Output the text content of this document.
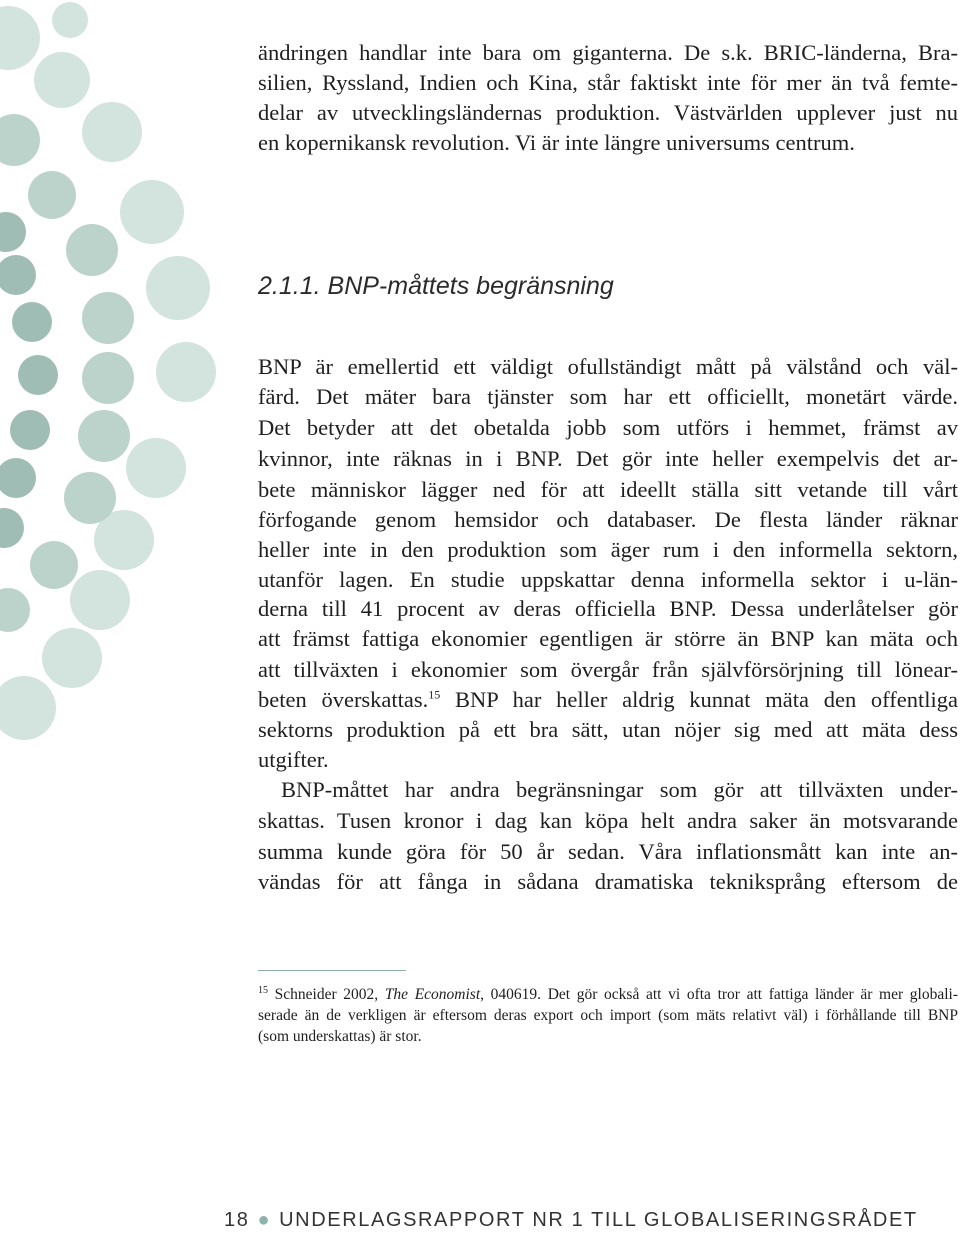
ändringen handlar inte bara om giganterna. De s.k. BRIC-länderna, Bra-

silien, Ryssland, Indien och Kina, står faktiskt inte för mer än två femte-

delar av utvecklingsländernas produktion. Västvärlden upplever just nu

en kopernikansk revolution. Vi är inte längre universums centrum.

2.1.1. BNP-måttets begränsning

BNP är emellertid ett väldigt ofullständigt mått på välstånd och väl-

färd. Det mäter bara tjänster som har ett officiellt, monetärt värde.

Det betyder att det obetalda jobb som utförs i hemmet, främst av

kvinnor, inte räknas in i BNP. Det gör inte heller exempelvis det ar-

bete människor lägger ned för att ideellt ställa sitt vetande till vårt

förfogande genom hemsidor och databaser. De flesta länder räknar

heller inte in den produktion som äger rum i den informella sektorn,

utanför lagen. En studie uppskattar denna informella sektor i u-län-

derna till 41 procent av deras officiella BNP. Dessa underlåtelser gör

att främst fattiga ekonomier egentligen är större än BNP kan mäta och

att tillväxten i ekonomier som övergår från självförsörjning till lönear-

beten överskattas.$^{15}$ BNP har heller aldrig kunnat mäta den offentliga

sektorns produktion på ett bra sätt, utan nöjer sig med att mäta dess

utgifter.

BNP-måttet har andra begränsningar som gör att tillväxten under-

skattas. Tusen kronor i dag kan köpa helt andra saker än motsvarande

summa kunde göra för 50 år sedan. Våra inflationsmått kan inte an-

vändas för att fånga in sådana dramatiska tekniksprång eftersom de

$^{15}$ Schneider 2002, The Economist, 040619. Det gör också att vi ofta tror att fattiga länder är mer globali-

serade än de verkligen är eftersom deras export och import (som mäts relativt väl) i förhållande till BNP

(som underskattas) är stor.

18 ● UNDERLAGSRAPPORT NR 1 TILL GLOBALISERINGSRÅDET
